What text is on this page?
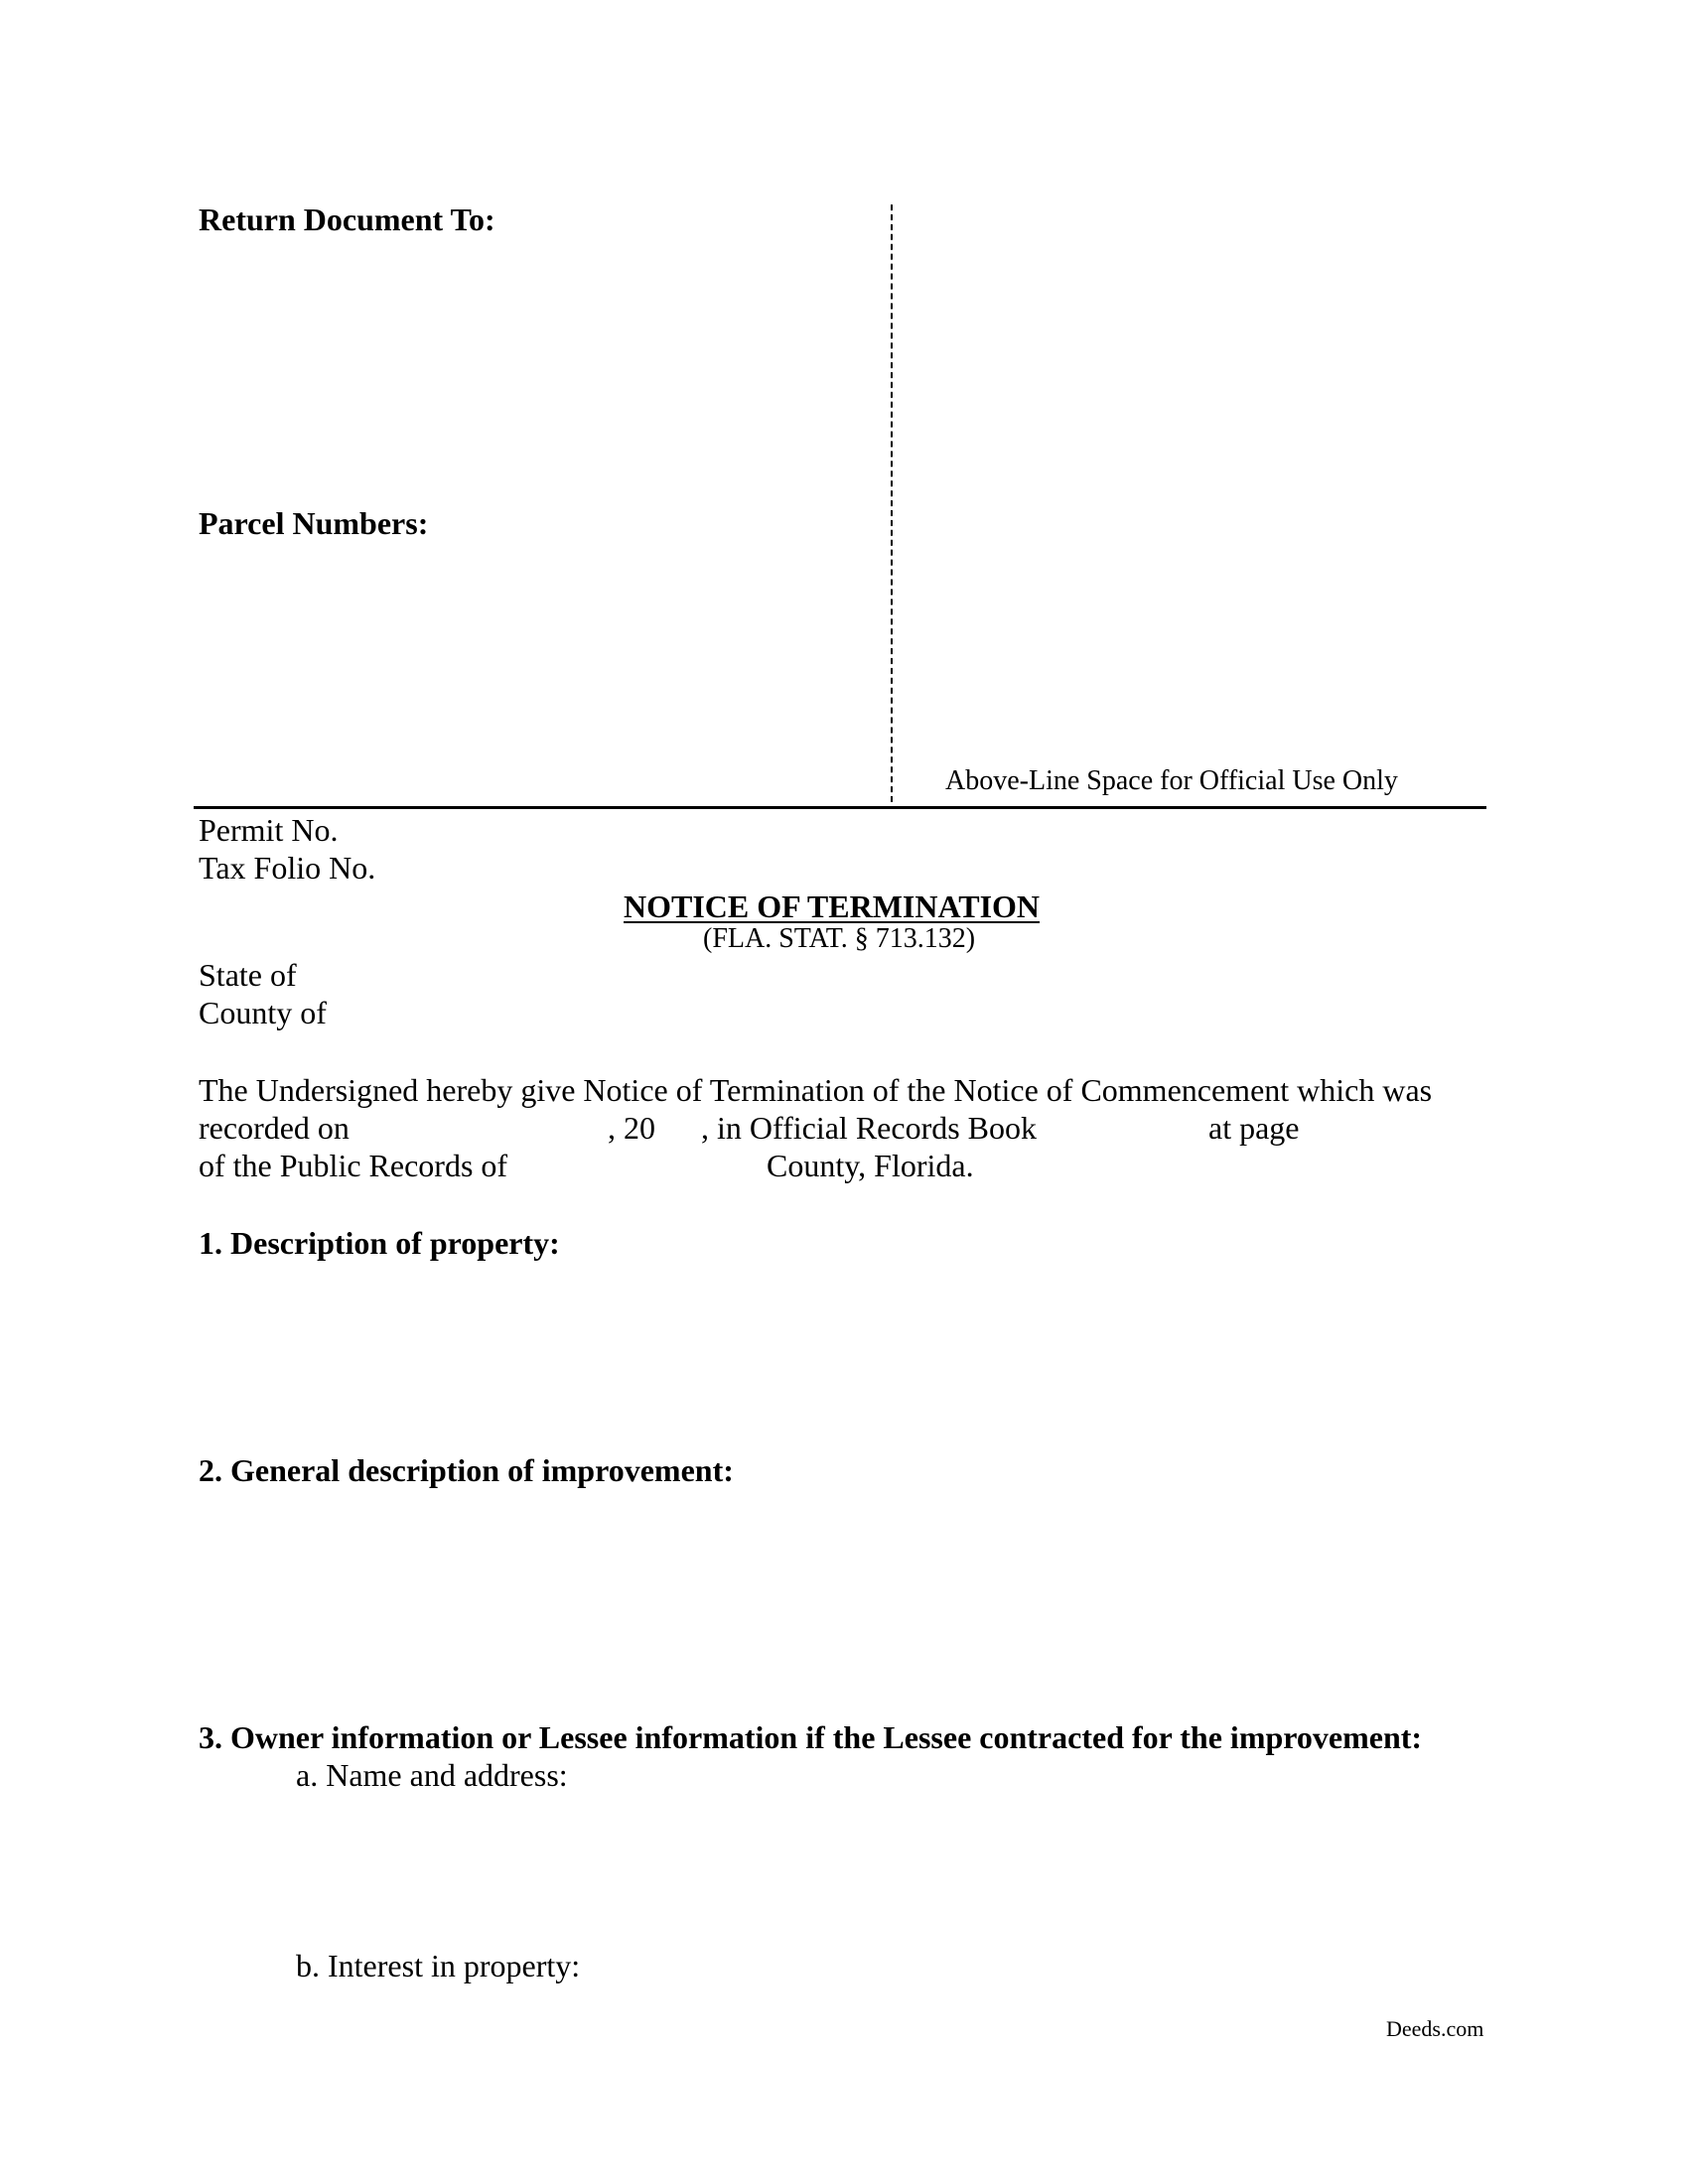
Return Document To:
Parcel Numbers:
Above-Line Space for Official Use Only
Permit No.
Tax Folio No.
NOTICE OF TERMINATION
(FLA. STAT. § 713.132)
State of
County of
The Undersigned hereby give Notice of Termination of the Notice of Commencement which was
recorded on	, 20 , in Official Records Book	at page
of the Public Records of	County, Florida.
1. Description of property:
2. General description of improvement:
3. Owner information or Lessee information if the Lessee contracted for the improvement:
a. Name and address:
b. Interest in property:
Deeds.com
